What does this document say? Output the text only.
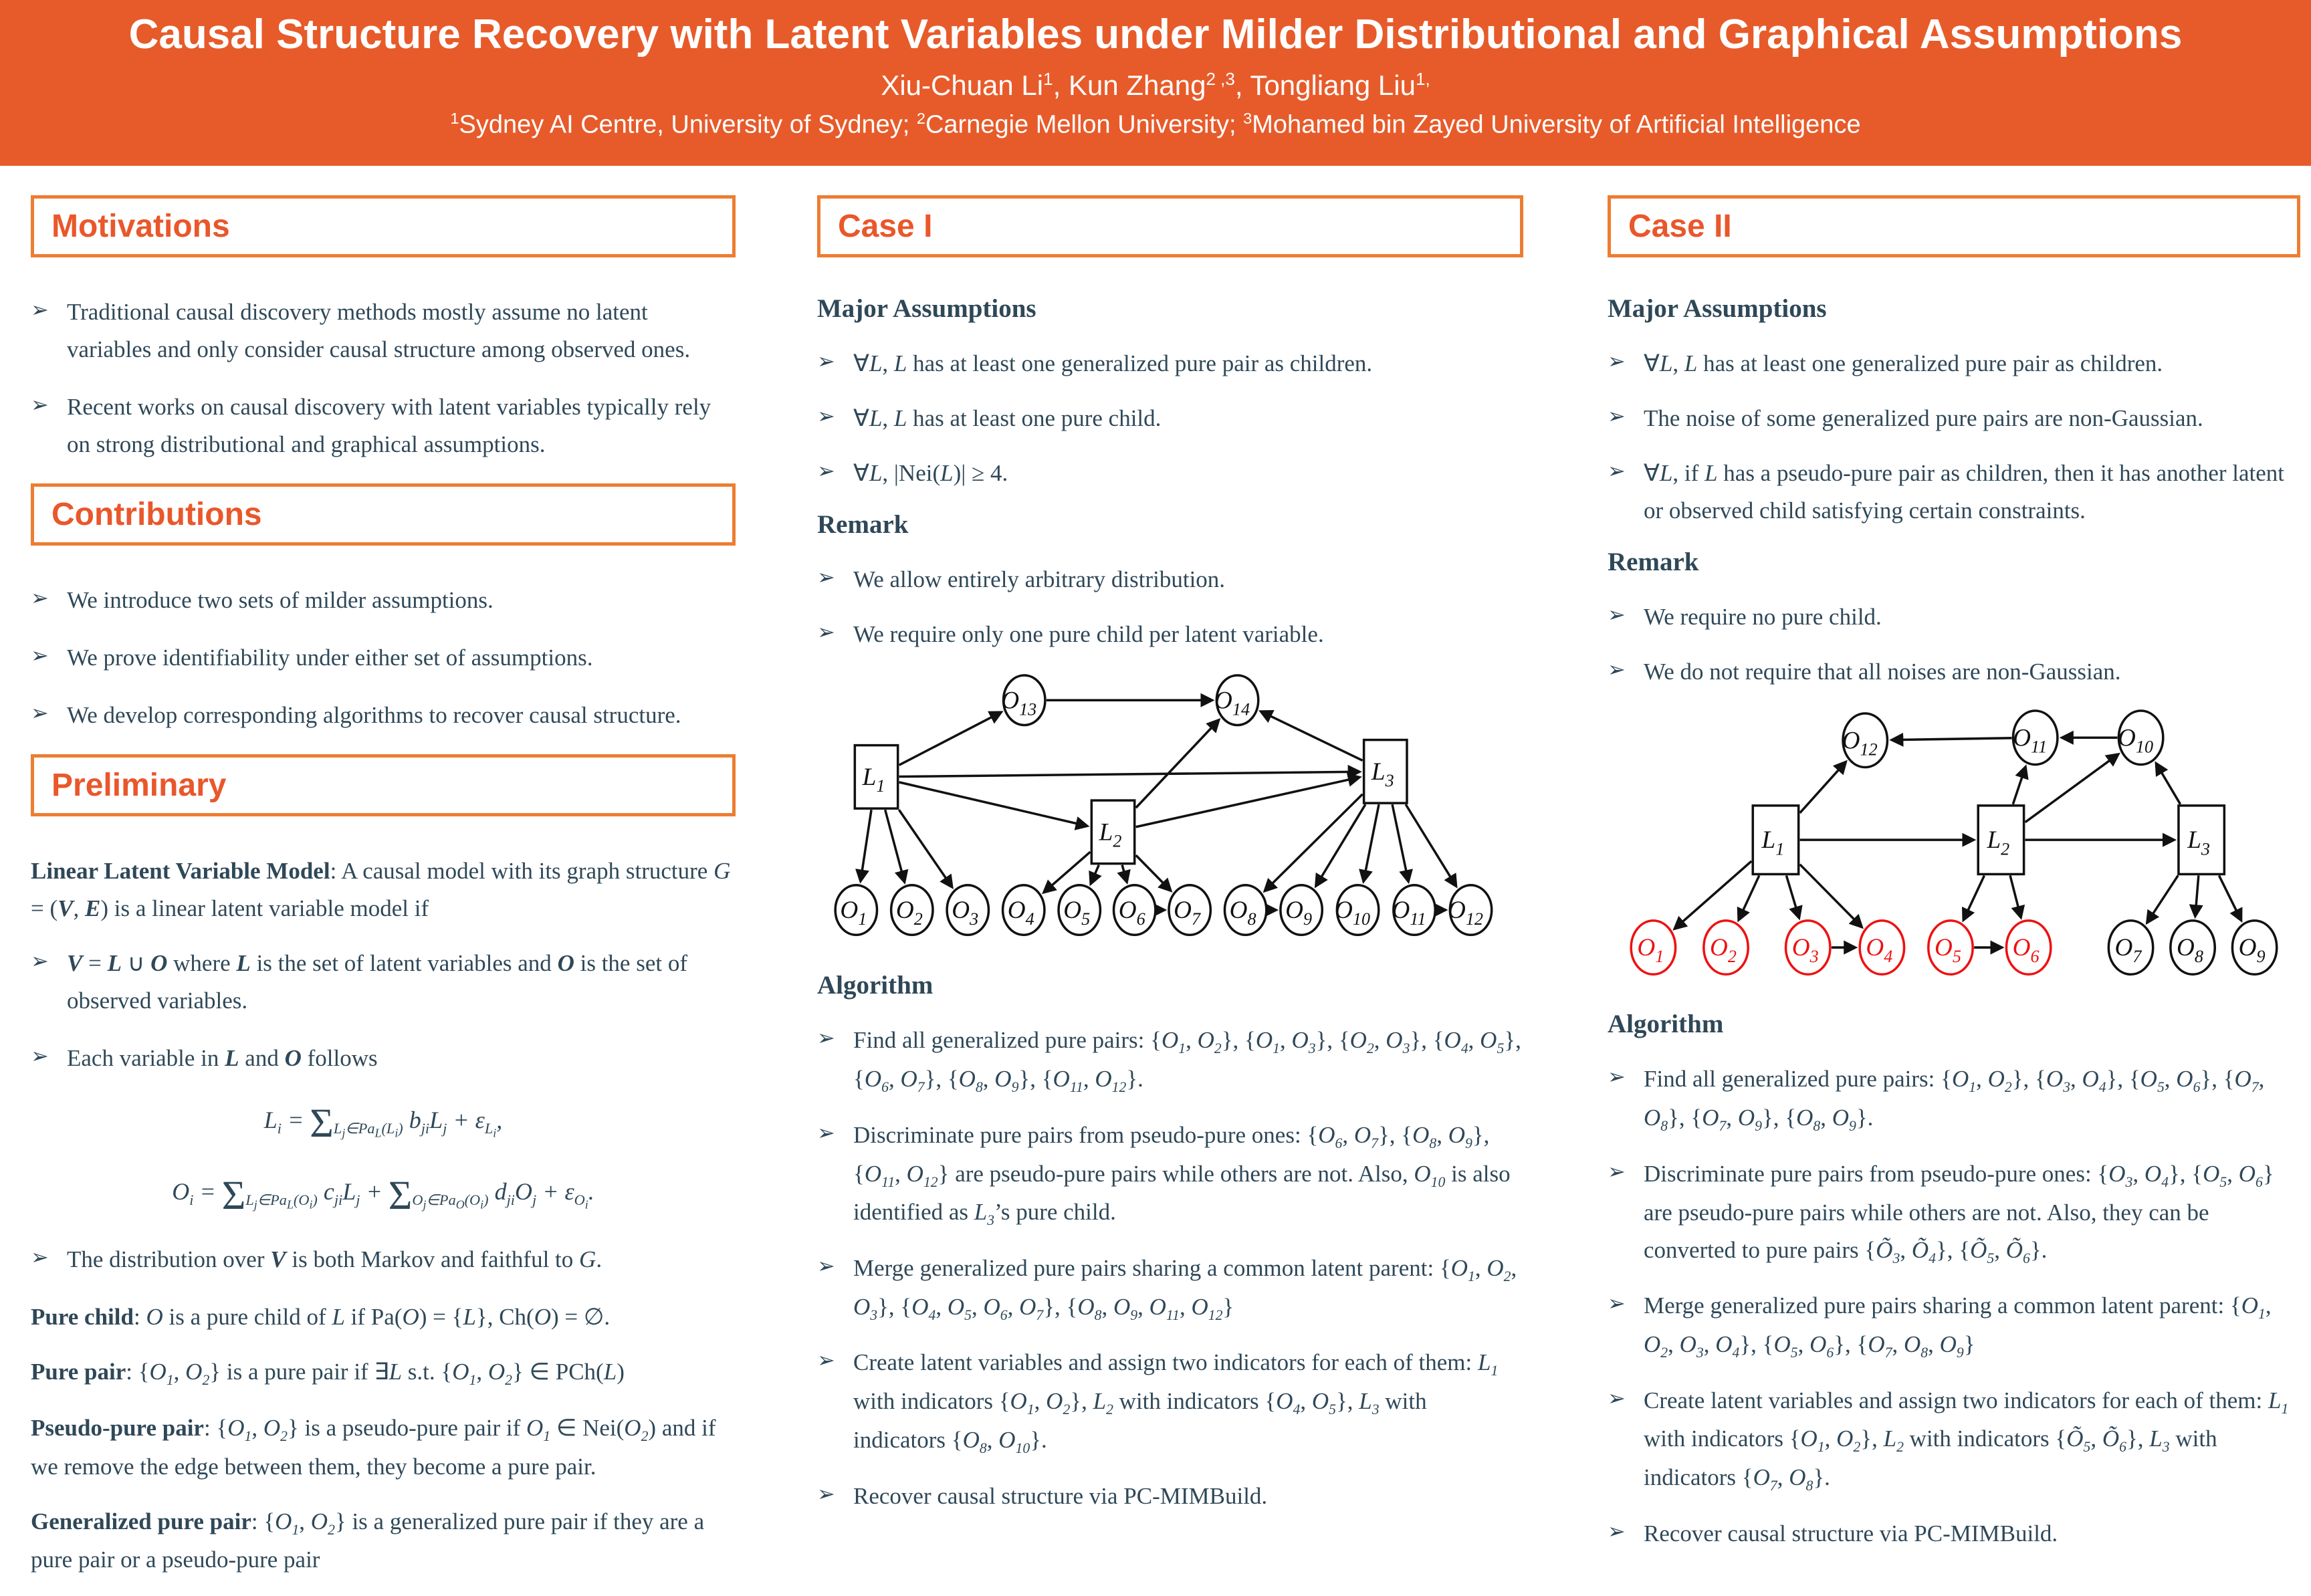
Causal Structure Recovery with Latent Variables under Milder Distributional and Graphical Assumptions
Xiu-Chuan Li$^1$, Kun Zhang$^{2 ,3}$, Tongliang Liu$^{1,}$
$^1$Sydney AI Centre, University of Sydney; $^2$Carnegie Mellon University; $^3$Mohamed bin Zayed University of Artificial Intelligence
Motivations
➢ Traditional causal discovery methods mostly assume no latent variables and only consider causal structure among observed ones.
➢ Recent works on causal discovery with latent variables typically rely on strong distributional and graphical assumptions.
Contributions
➢ We introduce two sets of milder assumptions.
➢ We prove identifiability under either set of assumptions.
➢ We develop corresponding algorithms to recover causal structure.
Preliminary
Linear Latent Variable Model: A causal model with its graph structure G = (V, E) is a linear latent variable model if
➢ V = L ∪ O where L is the set of latent variables and O is the set of observed variables.
➢ Each variable in L and O follows
$L_i = \Sigma_{L_j\in Pa_L(L_i)}$ $b_{ji}L_j + \varepsilon_{L_i}$,
$O_i = \Sigma_{L_j\in Pa_L(O_i)}$ $c_{ji}L_j + \Sigma_{O_j\in Pa_O(O_i)}$ $d_{ji}O_j + \varepsilon_{O_i}$.
➢ The distribution over V is both Markov and faithful to G.
Pure child: O is a pure child of L if Pa(O) = {L}, Ch(O) = ∅.
Pure pair: {$O_1$, $O_2$} is a pure pair if ∃L s.t. {$O_1$, $O_2$} ∈ PCh(L)
Pseudo-pure pair: {$O_1$, $O_2$} is a pseudo-pure pair if $O_1$ ∈ $Nei(O_2)$ and if we remove the edge between them, they become a pure pair.
Generalized pure pair: {$O_1$, $O_2$} is a generalized pure pair if they are a pure pair or a pseudo-pure pair
Case I
Major Assumptions
➢ ∀L, L has at least one generalized pure pair as children.
➢ ∀L, L has at least one pure child.
➢ ∀L, |Nei(L)| ≥ 4.
Remark
➢ We allow entirely arbitrary distribution.
➢ We require only one pure child per latent variable.
$L_1$
$L_2$
$L_3$
$O_{13}$	$O_{14}$
$O_1$ $O_2$ $O_3$ $O_4$ $O_5$ $O_6$ $O_7$ $O_8$ $O_9$ $O_{10}$ $O_{11}$ $O_{12}$
Algorithm
➢ Find all generalized pure pairs: {$O_1$, $O_2$}, {$O_1$, $O_3$}, {$O_2$, $O_3$}, {$O_4$, $O_5$}, {$O_6$, $O_7$}, {$O_8$, $O_9$}, {$O_{11}$, $O_{12}$}.
➢ Discriminate pure pairs from pseudo-pure ones: {$O_6$, $O_7$}, {$O_8$, $O_9$}, {$O_{11}$, $O_{12}$} are pseudo-pure pairs while others are not. Also, $O_{10}$ is also identified as $L_3’s$ pure child.
➢ Merge generalized pure pairs sharing a common latent parent: {$O_1$, $O_2$, $O_3$}, {$O_4$, $O_5$, $O_6$, $O_7$}, {$O_8$, $O_9$, $O_{11}$, $O_{12}$}
➢ Create latent variables and assign two indicators for each of them: $L_1$ with indicators {$O_1$, $O_2$}, $L_2$ with indicators {$O_4$, $O_5$}, $L_3$ with indicators {$O_8$, $O_{10}$}.
➢ Recover causal structure via PC-MIMBuild.
Case II
Major Assumptions
➢ ∀L, L has at least one generalized pure pair as children.
➢ The noise of some generalized pure pairs are non-Gaussian.
➢ ∀L, if L has a pseudo-pure pair as children, then it has another latent or observed child satisfying certain constraints.
Remark
➢ We require no pure child.
➢ We do not require that all noises are non-Gaussian.
$O_{12}$	$O_{11}$	$O_{10}$
$L_1$	$L_2$	$L_3$
$O_1$ $O_2$ $O_3$ $O_4$ $O_5$ $O_6$	$O_7$ $O_8$ $O_9$
Algorithm
➢ Find all generalized pure pairs: {$O_1$, $O_2$}, {$O_3$, $O_4$}, {$O_5$, $O_6$}, {$O_7$, $O_8$}, {$O_7$, $O_9$}, {$O_8$, $O_9$}.
➢ Discriminate pure pairs from pseudo-pure ones: {$O_3$, $O_4$}, {$O_5$, $O_6$} are pseudo-pure pairs while others are not. Also, they can be converted to pure pairs {$Õ_3$, $Õ_4$}, {$Õ_5$, $Õ_6$}.
➢ Merge generalized pure pairs sharing a common latent parent: {$O_1$, $O_2$, $O_3$, $O_4$}, {$O_5$, $O_6$}, {$O_7$, $O_8$, $O_9$}
➢ Create latent variables and assign two indicators for each of them: $L_1$ with indicators {$O_1$, $O_2$}, $L_2$ with indicators {$Õ_5$, $Õ_6$}, $L_3$ with indicators {$O_7$, $O_8$}.
➢ Recover causal structure via PC-MIMBuild.
